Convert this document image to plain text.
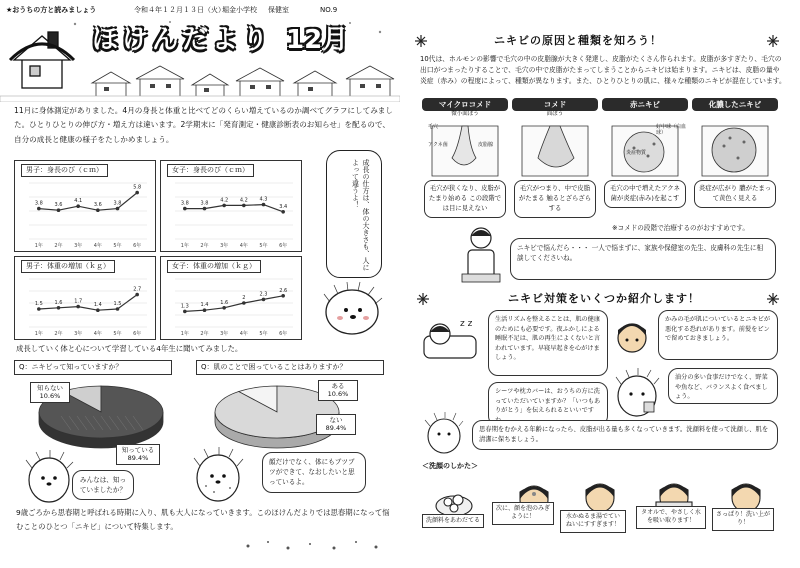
★おうちの方と読みましょう	令和４年１２月１３日（火）
堀金小学校 保健室	NO.9
ほけんだより 12月
11月に身体測定がありました。4月の身長と体重と比べてどのくらい増えているのか調べてグラフにしてみました。ひとりひとりの伸び方・増え方は違います。2学期末に「発育測定・健康診断表のお知らせ」を配るので、自分の成長と健康の様子をたしかめましょう。
男子：身長のび（ｃｍ）
3.8
1年
3.6
2年
4.1
3年
3.6
4年
3.8
5年
5.8
6年
女子：身長のび（ｃｍ）
3.8
1年
3.8
2年
4.2
3年
4.2
4年
4.3
5年
3.4
6年
男子：体重の増加（ｋｇ）
1.5
1年
1.6
2年
1.7
3年
1.4
4年
1.5
5年
2.7
6年
女子：体重の増加（ｋｇ）
1.3
1年
1.4
2年
1.6
3年
2
4年
2.3
5年
2.6
6年
成長の仕方は、体の大きさも、人によって違うよ！
成長していく体と心について学習している4年生に聞いてみました。
Q：ニキビって知っていますか？	Q：肌のことで困っていることはありますか？
知らない
10.6%
知っている
89.4%
ある
10.6%
ない
89.4%
みんなは、知っていましたか？
顔だけでなく、体にもブツブツができて、なおしたいと思っているよ。
9歳ごろから思春期と呼ばれる時期に入り、肌も大人になっていきます。このほけんだよりでは思春期になって悩むことのひとつ「ニキビ」について特集します。
ニキビの原因と種類を知ろう！
10代は、ホルモンの影響で毛穴の中の皮脂腺が大きく発達し、皮脂がたくさん作られます。皮脂が多すぎたり、毛穴の出口がつまったりすることで、毛穴の中で皮脂がたまってしまうことからニキビは始まります。ニキビは、皮脂の量や炎症（赤み）の程度によって、種類が異なります。また、ひとりひとりの肌に、様々な種類のニキビが混在しています。
マイクロコメド
微小面ぽう
コメド
面ぽう
赤ニキビ	化膿したニキビ
毛穴
アクネ菌	皮脂腺
好中球（白血球）
炎症物質
毛穴が狭くなり、皮脂がたまり始める この段階では目に見えない
毛穴がつまり、中で皮脂がたまる 触るとざらざらする
毛穴の中で増えたアクネ菌が炎症(赤み)を起こす
炎症が広がり 膿がたまって黄色く見える
※コメドの段階で治療するのがおすすめです。
ニキビで悩んだら・・・ 一人で悩まずに、家族や保健室の先生、皮膚科の先生に相談してくださいね。
ニキビ対策をいくつか紹介します！
z z	生活リズムを整えることは、肌の健康のためにも必要です。夜ふかしによる睡眠不足は、肌の再生によくないと言われています。早寝早起きを心がけましょう。
かみの毛が肌についているとニキビが悪化する恐れがあります。前髪をピンで留めておきましょう。
シーツや枕カバーは、おうちの方に洗っていただいていますか？「いつもありがとう」を伝えられるといいです
油分の多い食事だけでなく、野菜や魚など、バランスよく食べましょう。
思春期をむかえる年齢になったら、皮脂が出る量も多くなっていきます。洗顔料を使って洗顔し、肌を清潔に保ちましょう。
＜洗顔のしかた＞
洗顔料をあわだてる
次に、顔を泡のみぎように！	水かぬるま湯でていねいにすすぎます！
タオルで、やさしく水を吸い取ります！
さっぱり！洗い上がり！
